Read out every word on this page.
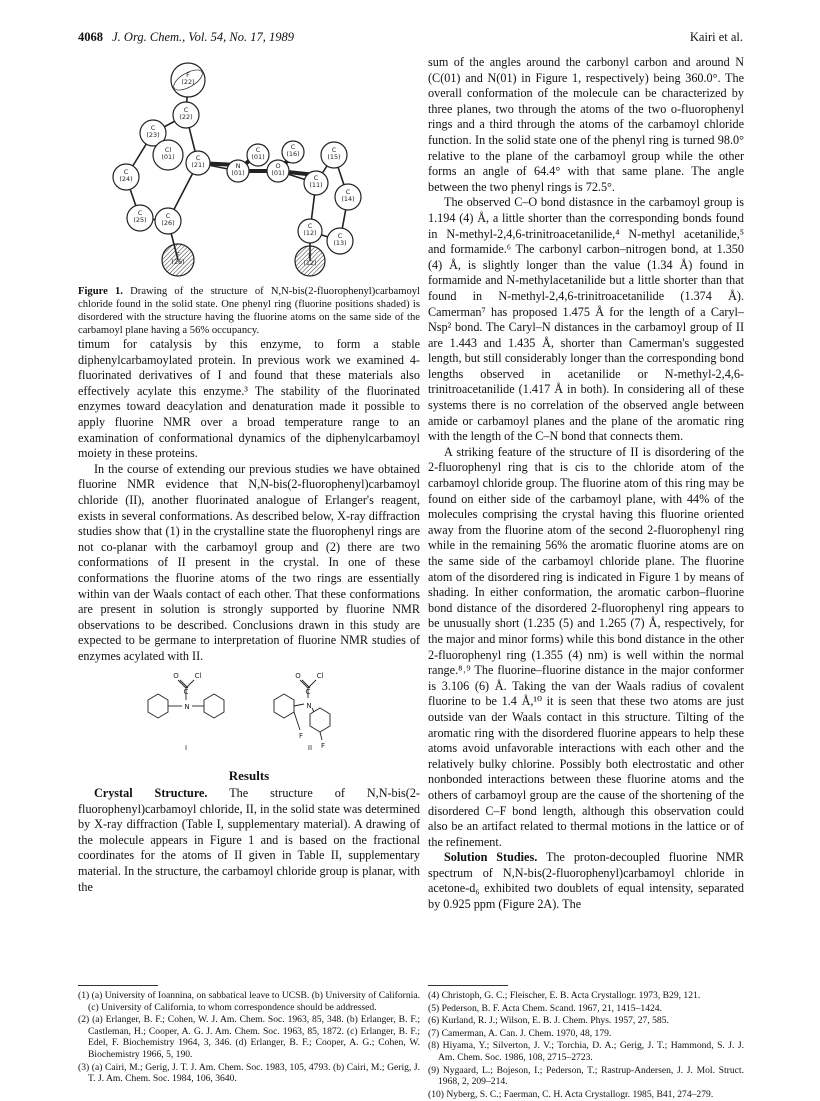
4068 J. Org. Chem., Vol. 54, No. 17, 1989	Kairi et al.
F (22)
C (22)
C (23)
C (21)
Cl (01)
C (24)
C (25)	C (26)
F (26)
N (01)
C (01)
O (01)
C (16)	C (15)
C (11)
C (14)
C (12)	C (13)
F (12)

Figure 1. Drawing of the structure of N,N-bis(2-fluorophenyl)carbamoyl chloride found in the solid state. One phenyl ring (fluorine positions shaded) is disordered with the structure having the fluorine atoms on the same side of the carbamoyl plane having a 56% occupancy.

timum for catalysis by this enzyme, to form a stable diphenylcarbamoylated protein. In previous work we examined 4-fluorinated derivatives of I and found that these materials also effectively acylate this enzyme.³ The stability of the fluorinated enzymes toward deacylation and denaturation made it possible to apply fluorine NMR over a broad temperature range to an examination of conformational dynamics of the diphenylcarbamoyl moiety in these proteins.

In the course of extending our previous studies we have obtained fluorine NMR evidence that N,N-bis(2-fluorophenyl)carbamoyl chloride (II), another fluorinated analogue of Erlanger's reagent, exists in several conformations. As described below, X-ray diffraction studies show that (1) in the crystalline state the fluorophenyl rings are not co-planar with the carbamoyl group and (2) there are two conformations of II present in the crystal. In one of these conformations the fluorine atoms of the two rings are essentially within van der Waals contact of each other. That these conformations are present in solution is strongly supported by fluorine NMR observations to be described. Conclusions drawn in this study are expected to be germane to interpretation of fluorine NMR studies of enzymes acylated with II.

O Cl
C
N
I
O Cl
C
N
F
F
II
Results

Crystal Structure. The structure of N,N-bis(2-fluorophenyl)carbamoyl chloride, II, in the solid state was determined by X-ray diffraction (Table I, supplementary material). A drawing of the molecule appears in Figure 1 and is based on the fractional coordinates for the atoms of II given in Table II, supplementary material. In the structure, the carbamoyl chloride group is planar, with the

sum of the angles around the carbonyl carbon and around N (C(01) and N(01) in Figure 1, respectively) being 360.0°. The overall conformation of the molecule can be characterized by three planes, two through the atoms of the two o-fluorophenyl rings and a third through the atoms of the carbamoyl chloride function. In the solid state one of the phenyl ring is turned 98.0° relative to the plane of the carbamoyl group while the other forms an angle of 64.4° with that same plane. The angle between the two phenyl rings is 72.5°.

The observed C–O bond distasnce in the carbamoyl group is 1.194 (4) Å, a little shorter than the corresponding bonds found in N-methyl-2,4,6-trinitroacetanilide,⁴ N-methyl acetanilide,⁵ and formamide.⁶ The carbonyl carbon–nitrogen bond, at 1.350 (4) Å, is slightly longer than the value (1.34 Å) found in formamide and N-methylacetanilide but a little shorter than that found in N-methyl-2,4,6-trinitroacetanilide (1.374 Å). Camerman⁷ has proposed 1.475 Å for the length of a Caryl–Nsp² bond. The Caryl–N distances in the carbamoyl group of II are 1.443 and 1.435 Å, shorter than Camerman's suggested length, but still considerably longer than the corresponding bond lengths observed in acetanilide or N-methyl-2,4,6-trinitroacetanilide (1.417 Å in both). In considering all of these systems there is no correlation of the observed angle between amide or carbamoyl planes and the plane of the aromatic ring with the length of the C–N bond that connects them.

A striking feature of the structure of II is disordering of the 2-fluorophenyl ring that is cis to the chloride atom of the carbamoyl chloride group. The fluorine atom of this ring may be found on either side of the carbamoyl plane, with 44% of the molecules comprising the crystal having this fluorine oriented away from the fluorine atom of the second 2-fluorophenyl ring while in the remaining 56% the aromatic fluorine atoms are on the same side of the carbamoyl chloride plane. The fluorine atom of the disordered ring is indicated in Figure 1 by means of shading. In either conformation, the aromatic carbon–fluorine bond distance of the disordered 2-fluorophenyl ring appears to be unusually short (1.235 (5) and 1.265 (7) Å, respectively, for the major and minor forms) while this bond distance in the other 2-fluorophenyl ring (1.355 (4) nm) is well within the normal range.⁸˒⁹ The fluorine–fluorine distance in the major conformer is 3.106 (6) Å. Taking the van der Waals radius of covalent fluorine to be 1.4 Å,¹⁰ it is seen that these two atoms are just outside van der Waals contact in this structure. Tilting of the aromatic ring with the disordered fluorine appears to help these atoms avoid unfavorable interactions with each other and the relatively bulky chlorine. Possibly both electrostatic and other nonbonded interactions between these fluorine atoms and the others of carbamoyl group are the cause of the shortening of the disordered C–F bond length, although this observation could also be an artifact related to thermal motions in the lattice or of the refinement.

Solution Studies. The proton-decoupled fluorine NMR spectrum of N,N-bis(2-fluorophenyl)carbamoyl chloride in acetone-d₆ exhibited two doublets of equal intensity, separated by 0.925 ppm (Figure 2A). The

(1) (a) University of Ioannina, on sabbatical leave to UCSB. (b) University of California. (c) University of California, to whom correspondence should be addressed.

(2) (a) Erlanger, B. F.; Cohen, W. J. Am. Chem. Soc. 1963, 85, 348. (b) Erlanger, B. F.; Castleman, H.; Cooper, A. G. J. Am. Chem. Soc. 1963, 85, 1872. (c) Erlanger, B. F.; Edel, F. Biochemistry 1964, 3, 346. (d) Erlanger, B. F.; Cooper, A. G.; Cohen, W. Biochemistry 1966, 5, 190.

(3) (a) Cairi, M.; Gerig, J. T. J. Am. Chem. Soc. 1983, 105, 4793. (b) Cairi, M.; Gerig, J. T. J. Am. Chem. Soc. 1984, 106, 3640.

(4) Christoph, G. C.; Fleischer, E. B. Acta Crystallogr. 1973, B29, 121.

(5) Pederson, B. F. Acta Chem. Scand. 1967, 21, 1415–1424.

(6) Kurland, R. J.; Wilson, E. B. J. Chem. Phys. 1957, 27, 585.

(7) Camerman, A. Can. J. Chem. 1970, 48, 179.

(8) Hiyama, Y.; Silverton, J. V.; Torchia, D. A.; Gerig, J. T.; Hammond, S. J. J. Am. Chem. Soc. 1986, 108, 2715–2723.

(9) Nygaard, L.; Bojeson, I.; Pederson, T.; Rastrup-Andersen, J. J. Mol. Struct. 1968, 2, 209–214.

(10) Nyberg, S. C.; Faerman, C. H. Acta Crystallogr. 1985, B41, 274–279.
